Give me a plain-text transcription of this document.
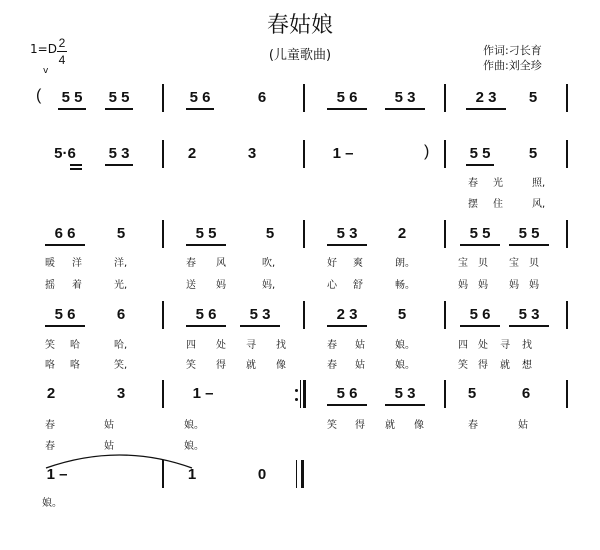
春姑娘
(儿童歌曲)
1=D 2
4
v
作词:刁长育
作曲:刘全珍
( 5 5 5 5	5 6	6	5 6	5 3	2 3	5
5·6	5 3	2	3	1 –	)	5 5	5
春 光	照,
摆 住	风,
6 6	5	5 5	5	5 3	2	5 5	5 5
暖 洋	洋,	春 风	吹,	好 爽	朗。	宝 贝 宝 贝
摇 着	光,	送 妈	妈,	心 舒	畅。	妈 妈 妈 妈
5 6	6	5 6	5 3	2 3	5	5 6	5 3
笑 哈	哈,	四 处 寻 找	春 姑	娘。	四 处 寻 找
咯 咯	笑,	笑 得 就 像	春 姑	娘。	笑 得 就 想
2	3	1 –	5 6	5 3	5	6
春	姑	娘。	笑 得 就 像	春	姑
春	姑	娘。
1 –	1	0
娘。
